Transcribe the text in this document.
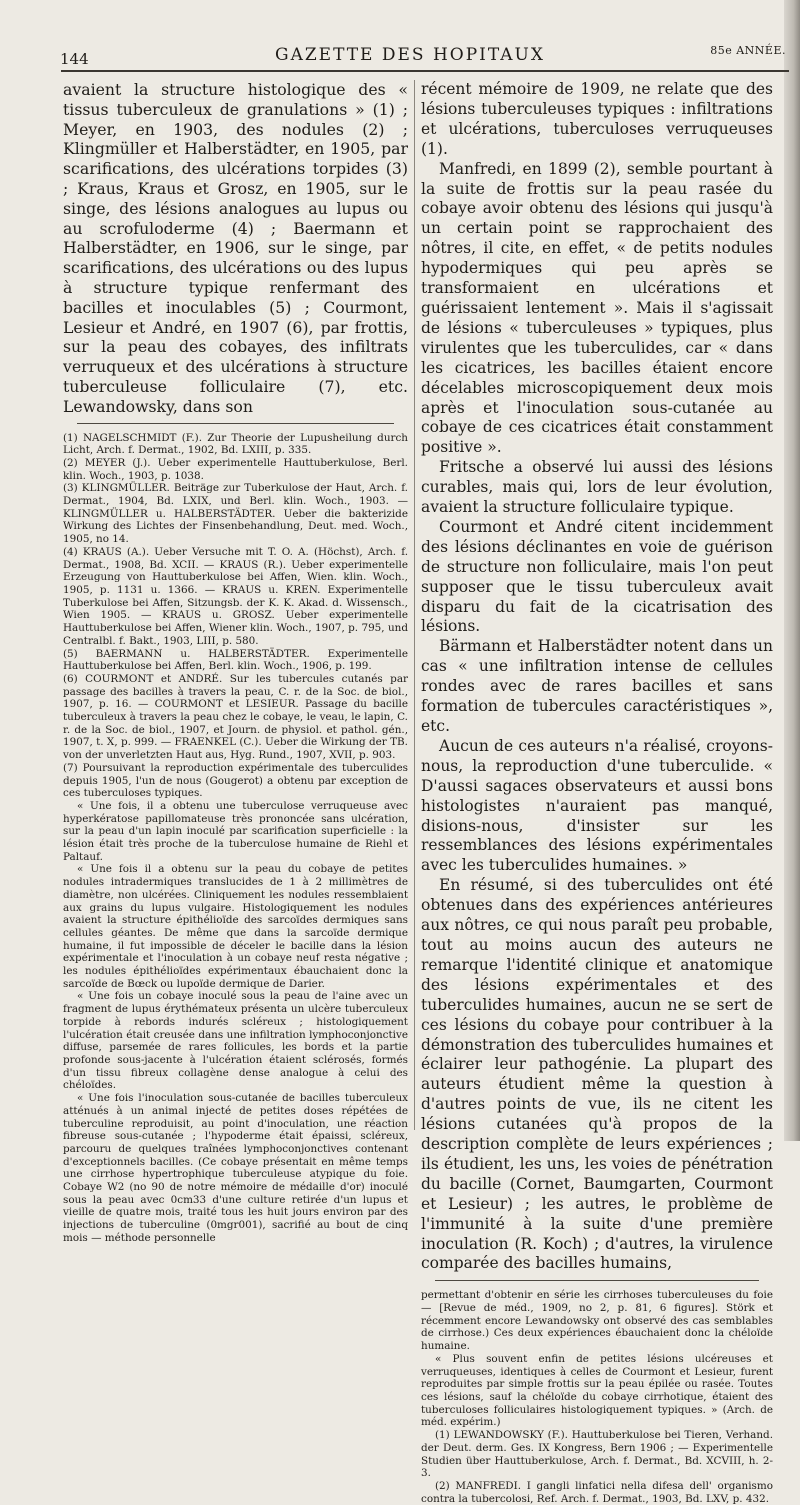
144	GAZETTE DES HOPITAUX	85e ANNÉE.

avaient la structure histologique des « tissus tuberculeux de granulations » (1) ; Meyer, en 1903, des nodules (2) ; Klingmüller et Halberstädter, en 1905, par scarifications, des ulcérations torpides (3) ; Kraus, Kraus et Grosz, en 1905, sur le singe, des lésions analogues au lupus ou au scrofuloderme (4) ; Baermann et Halberstädter, en 1906, sur le singe, par scarifications, des ulcérations ou des lupus à structure typique renfermant des bacilles et inoculables (5) ; Courmont, Lesieur et André, en 1907 (6), par frottis, sur la peau des cobayes, des infiltrats verruqueux et des ulcérations à structure tuberculeuse folliculaire (7), etc. Lewandowsky, dans son

(1) NAGELSCHMIDT (F.). Zur Theorie der Lupusheilung durch Licht, Arch. f. Dermat., 1902, Bd. LXIII, p. 335.

(2) MEYER (J.). Ueber experimentelle Hauttuberkulose, Berl. klin. Woch., 1903, p. 1038.

(3) KLINGMÜLLER. Beiträge zur Tuberkulose der Haut, Arch. f. Dermat., 1904, Bd. LXIX, und Berl. klin. Woch., 1903. — KLINGMÜLLER u. HALBERSTÄDTER. Ueber die bakterizide Wirkung des Lichtes der Finsenbehandlung, Deut. med. Woch., 1905, no 14.

(4) KRAUS (A.). Ueber Versuche mit T. O. A. (Höchst), Arch. f. Dermat., 1908, Bd. XCII. — KRAUS (R.). Ueber experimentelle Erzeugung von Hauttuberkulose bei Affen, Wien. klin. Woch., 1905, p. 1131 u. 1366. — KRAUS u. KREN. Experimentelle Tuberkulose bei Affen, Sitzungsb. der K. K. Akad. d. Wissensch., Wien 1905. — KRAUS u. GROSZ. Ueber experimentelle Hauttuberkulose bei Affen, Wiener klin. Woch., 1907, p. 795, und Centralbl. f. Bakt., 1903, LIII, p. 580.

(5) BAERMANN u. HALBERSTÄDTER. Experimentelle Hauttuberkulose bei Affen, Berl. klin. Woch., 1906, p. 199.

(6) COURMONT et ANDRÉ. Sur les tubercules cutanés par passage des bacilles à travers la peau, C. r. de la Soc. de biol., 1907, p. 16. — COURMONT et LESIEUR. Passage du bacille tuberculeux à travers la peau chez le cobaye, le veau, le lapin, C. r. de la Soc. de biol., 1907, et Journ. de physiol. et pathol. gén., 1907, t. X, p. 999. — FRAENKEL (C.). Ueber die Wirkung der TB. von der unverletzten Haut aus, Hyg. Rund., 1907, XVII, p. 903.

(7) Poursuivant la reproduction expérimentale des tuberculides depuis 1905, l'un de nous (Gougerot) a obtenu par exception de ces tuberculoses typiques.

« Une fois, il a obtenu une tuberculose verruqueuse avec hyperkératose papillomateuse très prononcée sans ulcération, sur la peau d'un lapin inoculé par scarification superficielle : la lésion était très proche de la tuberculose humaine de Riehl et Paltauf.

« Une fois il a obtenu sur la peau du cobaye de petites nodules intradermiques translucides de 1 à 2 millimètres de diamètre, non ulcérées. Cliniquement les nodules ressemblaient aux grains du lupus vulgaire. Histologiquement les nodules avaient la structure épithélioïde des sarcoïdes dermiques sans cellules géantes. De même que dans la sarcoïde dermique humaine, il fut impossible de déceler le bacille dans la lésion expérimentale et l'inoculation à un cobaye neuf resta négative ; les nodules épithélioïdes expérimentaux ébauchaient donc la sarcoïde de Bœck ou lupoïde dermique de Darier.

« Une fois un cobaye inoculé sous la peau de l'aine avec un fragment de lupus érythémateux présenta un ulcère tuberculeux torpide à rebords indurés scléreux ; histologiquement l'ulcération était creusée dans une infiltration lymphoconjonctive diffuse, parsemée de rares follicules, les bords et la partie profonde sous-jacente à l'ulcération étaient sclérosés, formés d'un tissu fibreux collagène dense analogue à celui des chéloïdes.

« Une fois l'inoculation sous-cutanée de bacilles tuberculeux atténués à un animal injecté de petites doses répétées de tuberculine reproduisit, au point d'inoculation, une réaction fibreuse sous-cutanée ; l'hypoderme était épaissi, scléreux, parcouru de quelques traînées lymphoconjonctives contenant d'exceptionnels bacilles. (Ce cobaye présentait en même temps une cirrhose hypertrophique tuberculeuse atypique du foie. Cobaye W2 (no 90 de notre mémoire de médaille d'or) inoculé sous la peau avec 0cm33 d'une culture retirée d'un lupus et vieille de quatre mois, traité tous les huit jours environ par des injections de tuberculine (0mgr001), sacrifié au bout de cinq mois — méthode personnelle

récent mémoire de 1909, ne relate que des lésions tuberculeuses typiques : infiltrations et ulcérations, tuberculoses verruqueuses (1).

Manfredi, en 1899 (2), semble pourtant à la suite de frottis sur la peau rasée du cobaye avoir obtenu des lésions qui jusqu'à un certain point se rapprochaient des nôtres, il cite, en effet, « de petits nodules hypodermiques qui peu après se transformaient en ulcérations et guérissaient lentement ». Mais il s'agissait de lésions « tuberculeuses » typiques, plus virulentes que les tuberculides, car « dans les cicatrices, les bacilles étaient encore décelables microscopiquement deux mois après et l'inoculation sous-cutanée au cobaye de ces cicatrices était constamment positive ».

Fritsche a observé lui aussi des lésions curables, mais qui, lors de leur évolution, avaient la structure folliculaire typique.

Courmont et André citent incidemment des lésions déclinantes en voie de guérison de structure non folliculaire, mais l'on peut supposer que le tissu tuberculeux avait disparu du fait de la cicatrisation des lésions.

Bärmann et Halberstädter notent dans un cas « une infiltration intense de cellules rondes avec de rares bacilles et sans formation de tubercules caractéristiques », etc.

Aucun de ces auteurs n'a réalisé, croyons-nous, la reproduction d'une tuberculide. « D'aussi sagaces observateurs et aussi bons histologistes n'auraient pas manqué, disions-nous, d'insister sur les ressemblances des lésions expérimentales avec les tuberculides humaines. »

En résumé, si des tuberculides ont été obtenues dans des expériences antérieures aux nôtres, ce qui nous paraît peu probable, tout au moins aucun des auteurs ne remarque l'identité clinique et anatomique des lésions expérimentales et des tuberculides humaines, aucun ne se sert de ces lésions du cobaye pour contribuer à la démonstration des tuberculides humaines et éclairer leur pathogénie. La plupart des auteurs étudient même la question à d'autres points de vue, ils ne citent les lésions cutanées qu'à propos de la description complète de leurs expériences ; ils étudient, les uns, les voies de pénétration du bacille (Cornet, Baumgarten, Courmont et Lesieur) ; les autres, le problème de l'immunité à la suite d'une première inoculation (R. Koch) ; d'autres, la virulence comparée des bacilles humains,

permettant d'obtenir en série les cirrhoses tuberculeuses du foie — [Revue de méd., 1909, no 2, p. 81, 6 figures]. Störk et récemment encore Lewandowsky ont observé des cas semblables de cirrhose.) Ces deux expériences ébauchaient donc la chéloïde humaine.

« Plus souvent enfin de petites lésions ulcéreuses et verruqueuses, identiques à celles de Courmont et Lesieur, furent reproduites par simple frottis sur la peau épilée ou rasée. Toutes ces lésions, sauf la chéloïde du cobaye cirrhotique, étaient des tuberculoses folliculaires histologiquement typiques. » (Arch. de méd. expérim.)

(1) LEWANDOWSKY (F.). Hauttuberkulose bei Tieren, Verhand. der Deut. derm. Ges. IX Kongress, Bern 1906 ; — Experimentelle Studien über Hauttuberkulose, Arch. f. Dermat., Bd. XCVIII, h. 2-3.

(2) MANFREDI. I gangli linfatici nella difesa dell' organismo contra la tubercolosi, Ref. Arch. f. Dermat., 1903, Bd. LXV, p. 432.
